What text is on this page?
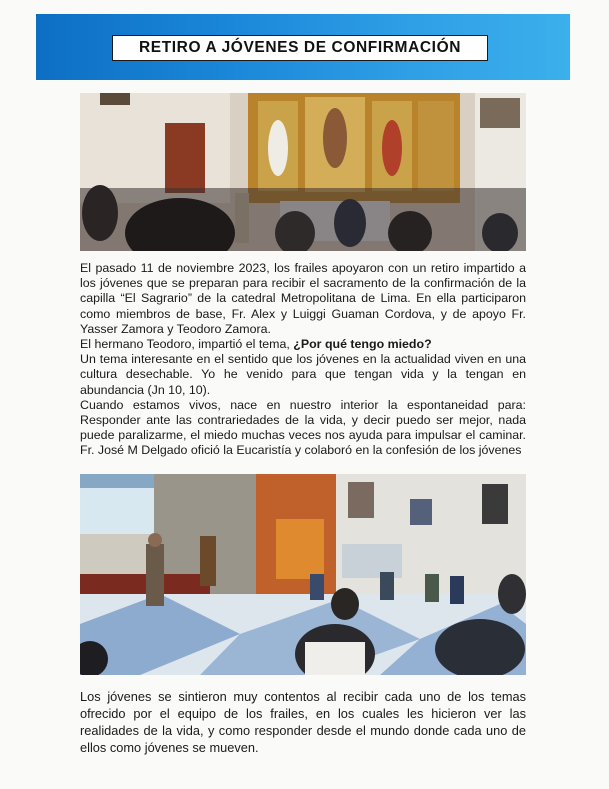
RETIRO A JÓVENES DE CONFIRMACIÓN

El pasado 11 de noviembre 2023, los frailes apoyaron con un retiro impartido a los jóvenes que se preparan para recibir el sacramento de la confirmación de la capilla “El Sagrario” de la catedral Metropolitana de Lima. En ella participaron como miembros de base, Fr. Alex y Luiggi Guaman Cordova, y de apoyo Fr. Yasser Zamora y Teodoro Zamora.

El hermano Teodoro, impartió el tema, ¿Por qué tengo miedo?

Un tema interesante en el sentido que los jóvenes en la actualidad viven en una cultura desechable. Yo he venido para que tengan vida y la tengan en abundancia (Jn 10, 10).

Cuando estamos vivos, nace en nuestro interior la espontaneidad para: Responder ante las contrariedades de la vida, y decir puedo ser mejor, nada puede paralizarme, el miedo muchas veces nos ayuda para impulsar el caminar. Fr. José M Delgado ofició la Eucaristía y colaboró en la confesión de los jóvenes

Los jóvenes se sintieron muy contentos al recibir cada uno de los temas ofrecido por el equipo de los frailes, en los cuales les hicieron ver las realidades de la vida, y como responder desde el mundo donde cada uno de ellos como jóvenes se mueven.
